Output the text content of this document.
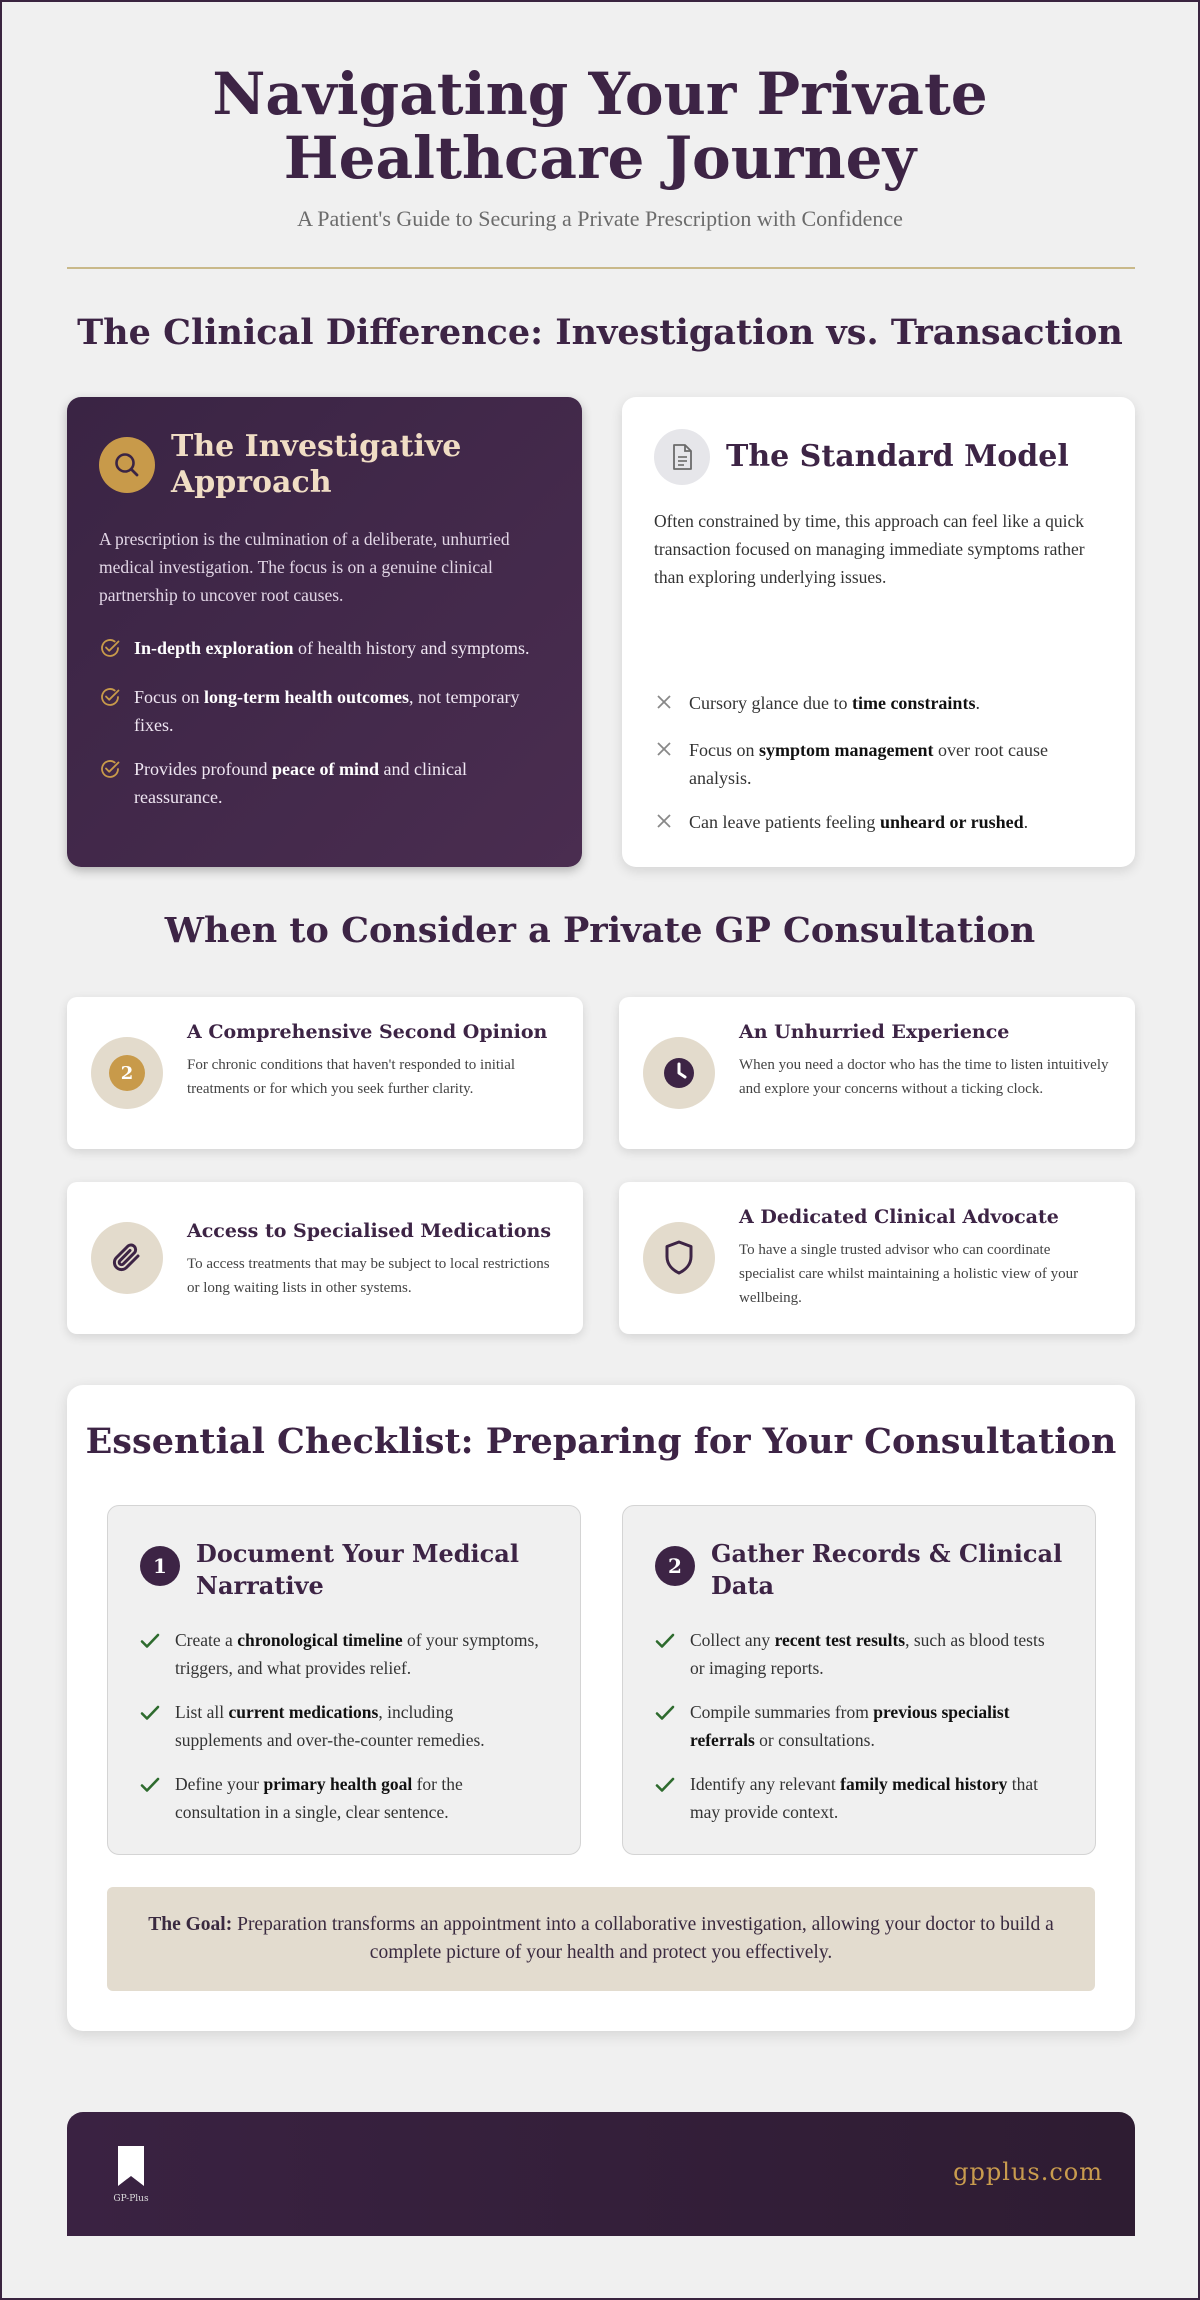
Navigating Your Private
Healthcare Journey
A Patient's Guide to Securing a Private Prescription with Confidence
The Clinical Difference: Investigation vs. Transaction
The Investigative Approach
A prescription is the culmination of a deliberate, unhurried medical investigation. The focus is on a genuine clinical partnership to uncover root causes.
In-depth exploration of health history and symptoms.
Focus on long-term health outcomes, not temporary fixes.
Provides profound peace of mind and clinical reassurance.
The Standard Model
Often constrained by time, this approach can feel like a quick transaction focused on managing immediate symptoms rather than exploring underlying issues.
Cursory glance due to time constraints.
Focus on symptom management over root cause analysis.
Can leave patients feeling unheard or rushed.
When to Consider a Private GP Consultation
2
A Comprehensive Second Opinion
For chronic conditions that haven't responded to initial treatments or for which you seek further clarity.
An Unhurried Experience
When you need a doctor who has the time to listen intuitively and explore your concerns without a ticking clock.
Access to Specialised Medications
To access treatments that may be subject to local restrictions or long waiting lists in other systems.
A Dedicated Clinical Advocate
To have a single trusted advisor who can coordinate specialist care whilst maintaining a holistic view of your wellbeing.
Essential Checklist: Preparing for Your Consultation
1	Document Your Medical Narrative
Create a chronological timeline of your symptoms, triggers, and what provides relief.
List all current medications, including supplements and over-the-counter remedies.
Define your primary health goal for the consultation in a single, clear sentence.
2	Gather Records & Clinical Data
Collect any recent test results, such as blood tests or imaging reports.
Compile summaries from previous specialist referrals or consultations.
Identify any relevant family medical history that may provide context.
The Goal: Preparation transforms an appointment into a collaborative investigation, allowing your doctor to build a complete picture of your health and protect you effectively.
GP-Plus
gpplus.com
